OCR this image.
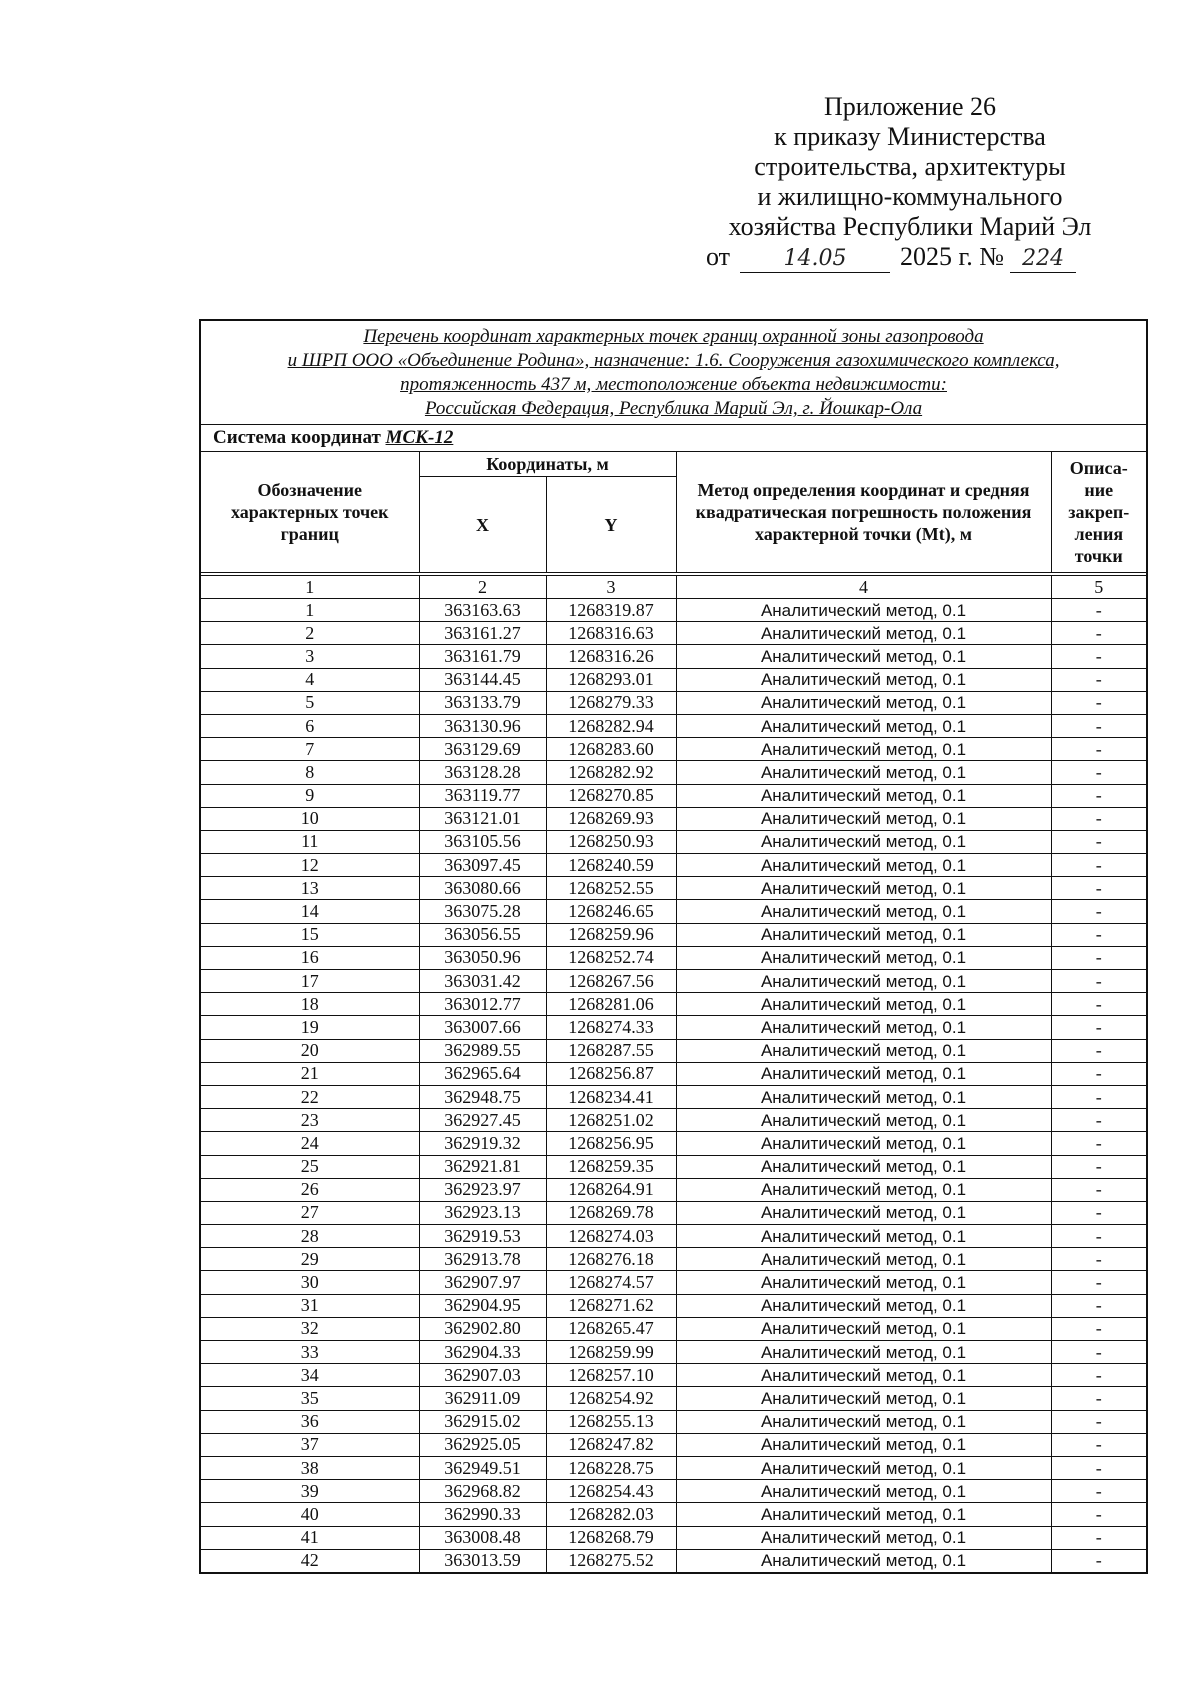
Приложение 26
к приказу Министерства
строительства, архитектуры
и жилищно-коммунального
хозяйства Республики Марий Эл
от 14.05 2025 г. № 224
Перечень координат характерных точек границ охранной зоны газопровода
и ШРП ООО «Объединение Родина», назначение: 1.6. Сооружения газохимического комплекса,
протяженность 437 м, местоположение объекта недвижимости:
Российская Федерация, Республика Марий Эл, г. Йошкар-Ола				

Система координат МСК-12				
Обозначение характерных точек границ	Координаты, м		Метод определения координат и средняя квадратическая погрешность положения характерной точки (Mt), м	Описа-ние закреп-ления точки
	X	Y		

1	2	3	4	5
1	363163.63	1268319.87	Аналитический метод, 0.1	-
2	363161.27	1268316.63	Аналитический метод, 0.1	-
3	363161.79	1268316.26	Аналитический метод, 0.1	-
4	363144.45	1268293.01	Аналитический метод, 0.1	-
5	363133.79	1268279.33	Аналитический метод, 0.1	-
6	363130.96	1268282.94	Аналитический метод, 0.1	-
7	363129.69	1268283.60	Аналитический метод, 0.1	-
8	363128.28	1268282.92	Аналитический метод, 0.1	-
9	363119.77	1268270.85	Аналитический метод, 0.1	-
10	363121.01	1268269.93	Аналитический метод, 0.1	-
11	363105.56	1268250.93	Аналитический метод, 0.1	-
12	363097.45	1268240.59	Аналитический метод, 0.1	-
13	363080.66	1268252.55	Аналитический метод, 0.1	-
14	363075.28	1268246.65	Аналитический метод, 0.1	-
15	363056.55	1268259.96	Аналитический метод, 0.1	-
16	363050.96	1268252.74	Аналитический метод, 0.1	-
17	363031.42	1268267.56	Аналитический метод, 0.1	-
18	363012.77	1268281.06	Аналитический метод, 0.1	-
19	363007.66	1268274.33	Аналитический метод, 0.1	-
20	362989.55	1268287.55	Аналитический метод, 0.1	-
21	362965.64	1268256.87	Аналитический метод, 0.1	-
22	362948.75	1268234.41	Аналитический метод, 0.1	-
23	362927.45	1268251.02	Аналитический метод, 0.1	-
24	362919.32	1268256.95	Аналитический метод, 0.1	-
25	362921.81	1268259.35	Аналитический метод, 0.1	-
26	362923.97	1268264.91	Аналитический метод, 0.1	-
27	362923.13	1268269.78	Аналитический метод, 0.1	-
28	362919.53	1268274.03	Аналитический метод, 0.1	-
29	362913.78	1268276.18	Аналитический метод, 0.1	-
30	362907.97	1268274.57	Аналитический метод, 0.1	-
31	362904.95	1268271.62	Аналитический метод, 0.1	-
32	362902.80	1268265.47	Аналитический метод, 0.1	-
33	362904.33	1268259.99	Аналитический метод, 0.1	-
34	362907.03	1268257.10	Аналитический метод, 0.1	-
35	362911.09	1268254.92	Аналитический метод, 0.1	-
36	362915.02	1268255.13	Аналитический метод, 0.1	-
37	362925.05	1268247.82	Аналитический метод, 0.1	-
38	362949.51	1268228.75	Аналитический метод, 0.1	-
39	362968.82	1268254.43	Аналитический метод, 0.1	-
40	362990.33	1268282.03	Аналитический метод, 0.1	-
41	363008.48	1268268.79	Аналитический метод, 0.1	-
42	363013.59	1268275.52	Аналитический метод, 0.1	-
